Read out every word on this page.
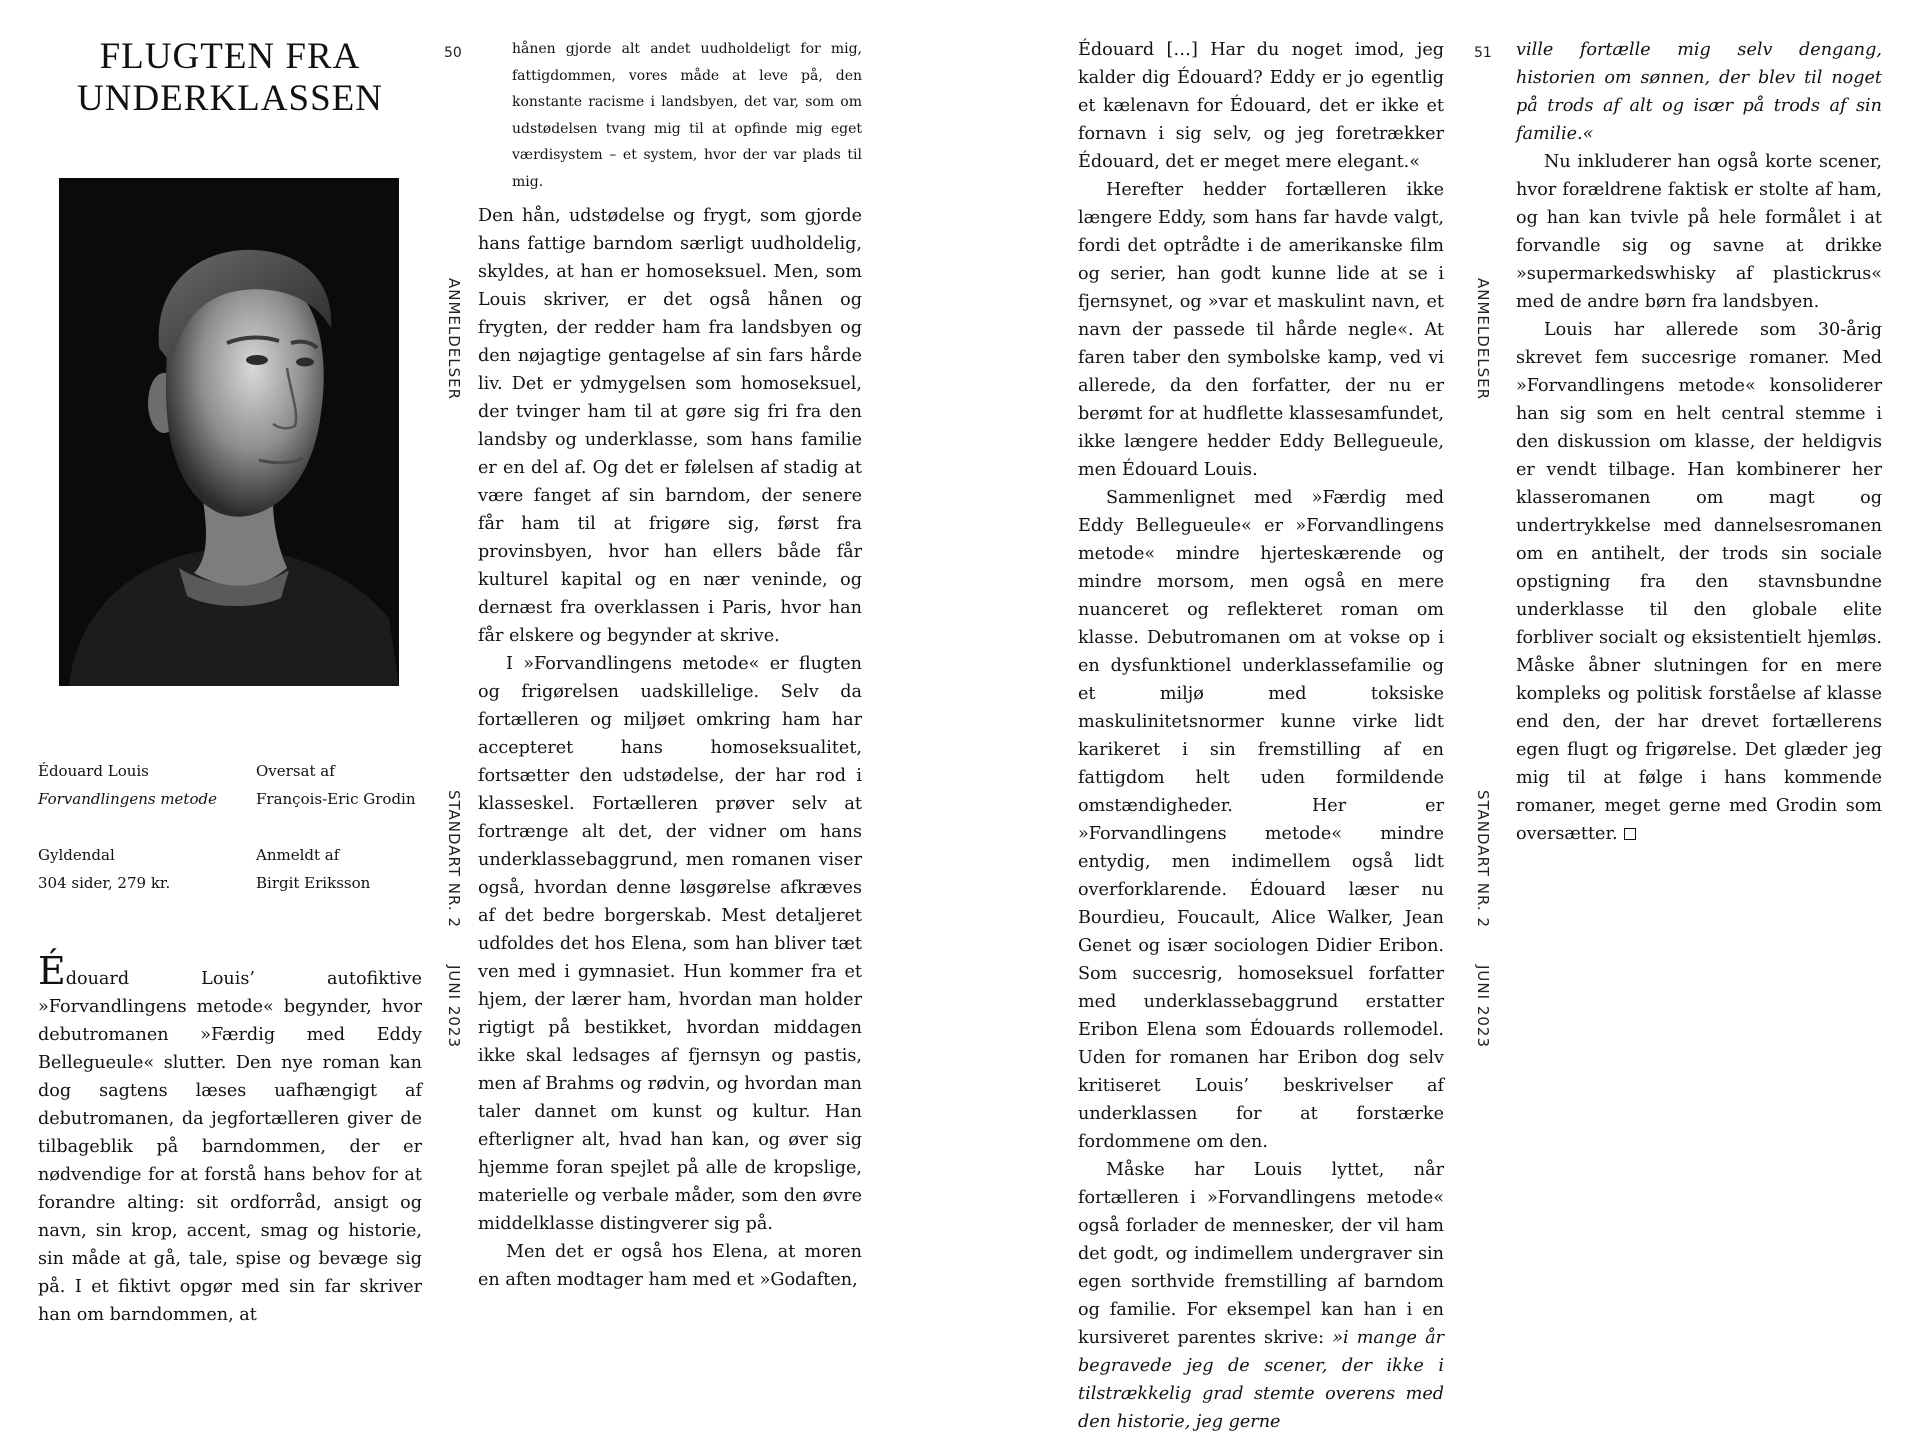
FLUGTEN FRA
UNDERKLASSEN
Édouard Louis
Forvandlingens metode
Oversat af
François-Eric Grodin
Gyldendal
304 sider, 279 kr.
Anmeldt af
Birgit Eriksson

Édouard Louis’ autofiktive »Forvandlingens metode« begynder, hvor debutromanen »Færdig med Eddy Bellegueule« slutter. Den nye roman kan dog sagtens læses uafhængigt af debutromanen, da jegfortælleren giver de tilbageblik på barndommen, der er nødvendige for at forstå hans behov for at forandre alting: sit ordforråd, ansigt og navn, sin krop, accent, smag og historie, sin måde at gå, tale, spise og bevæge sig på. I et fiktivt opgør med sin far skriver han om barndommen, at

50
ANMELDELSER
STANDART NR. 2
JUNI 2023

hånen gjorde alt andet uudholdeligt for mig, fattigdommen, vores måde at leve på, den konstante racisme i landsbyen, det var, som om udstødelsen tvang mig til at opfinde mig eget værdisystem – et system, hvor der var plads til mig.

Den hån, udstødelse og frygt, som gjorde hans fattige barndom særligt uudholdelig, skyldes, at han er homoseksuel. Men, som Louis skriver, er det også hånen og frygten, der redder ham fra landsbyen og den nøjagtige gentagelse af sin fars hårde liv. Det er ydmygelsen som homoseksuel, der tvinger ham til at gøre sig fri fra den landsby og underklasse, som hans familie er en del af. Og det er følelsen af stadig at være fanget af sin barndom, der senere får ham til at frigøre sig, først fra provinsbyen, hvor han ellers både får kulturel kapital og en nær veninde, og dernæst fra overklassen i Paris, hvor han får elskere og begynder at skrive.

I »Forvandlingens metode« er flugten og frigørelsen uadskillelige. Selv da fortælleren og miljøet omkring ham har accepteret hans homoseksualitet, fortsætter den udstødelse, der har rod i klasseskel. Fortælleren prøver selv at fortrænge alt det, der vidner om hans underklassebaggrund, men romanen viser også, hvordan denne løsgørelse afkræves af det bedre borgerskab. Mest detaljeret udfoldes det hos Elena, som han bliver tæt ven med i gymnasiet. Hun kommer fra et hjem, der lærer ham, hvordan man holder rigtigt på bestikket, hvordan middagen ikke skal ledsages af fjernsyn og pastis, men af Brahms og rødvin, og hvordan man taler dannet om kunst og kultur. Han efterligner alt, hvad han kan, og øver sig hjemme foran spejlet på alle de kropslige, materielle og verbale måder, som den øvre middelklasse distingverer sig på.

Men det er også hos Elena, at moren en aften modtager ham med et »Godaften,

Édouard […] Har du noget imod, jeg kalder dig Édouard? Eddy er jo egentlig et kælenavn for Édouard, det er ikke et fornavn i sig selv, og jeg foretrækker Édouard, det er meget mere elegant.«

Herefter hedder fortælleren ikke længere Eddy, som hans far havde valgt, fordi det optrådte i de amerikanske film og serier, han godt kunne lide at se i fjernsynet, og »var et maskulint navn, et navn der passede til hårde negle«. At faren taber den symbolske kamp, ved vi allerede, da den forfatter, der nu er berømt for at hudflette klassesamfundet, ikke længere hedder Eddy Bellegueule, men Édouard Louis.

Sammenlignet med »Færdig med Eddy Bellegueule« er »Forvandlingens metode« mindre hjerteskærende og mindre morsom, men også en mere nuanceret og reflekteret roman om klasse. Debutromanen om at vokse op i en dysfunktionel underklassefamilie og et miljø med toksiske maskulinitetsnormer kunne virke lidt karikeret i sin fremstilling af en fattigdom helt uden formildende omstændigheder. Her er »Forvandlingens metode« mindre entydig, men indimellem også lidt overforklarende. Édouard læser nu Bourdieu, Foucault, Alice Walker, Jean Genet og især sociologen Didier Eribon. Som succesrig, homoseksuel forfatter med underklassebaggrund erstatter Eribon Elena som Édouards rollemodel. Uden for romanen har Eribon dog selv kritiseret Louis’ beskrivelser af underklassen for at forstærke fordommene om den.

Måske har Louis lyttet, når fortælleren i »Forvandlingens metode« også forlader de mennesker, der vil ham det godt, og indimellem undergraver sin egen sorthvide fremstilling af barndom og familie. For eksempel kan han i en kursiveret parentes skrive: »i mange år begravede jeg de scener, der ikke i tilstrækkelig grad stemte overens med den historie, jeg gerne

51
ANMELDELSER
STANDART NR. 2
JUNI 2023

ville fortælle mig selv dengang, historien om sønnen, der blev til noget på trods af alt og især på trods af sin familie.«

Nu inkluderer han også korte scener, hvor forældrene faktisk er stolte af ham, og han kan tvivle på hele formålet i at forvandle sig og savne at drikke »supermarkedswhisky af plastickrus« med de andre børn fra landsbyen.

Louis har allerede som 30-årig skrevet fem succesrige romaner. Med »Forvandlingens metode« konsoliderer han sig som en helt central stemme i den diskussion om klasse, der heldigvis er vendt tilbage. Han kombinerer her klasseromanen om magt og undertrykkelse med dannelsesromanen om en antihelt, der trods sin sociale opstigning fra den stavnsbundne underklasse til den globale elite forbliver socialt og eksistentielt hjemløs. Måske åbner slutningen for en mere kompleks og politisk forståelse af klasse end den, der har drevet fortællerens egen flugt og frigørelse. Det glæder jeg mig til at følge i hans kommende romaner, meget gerne med Grodin som oversætter.
